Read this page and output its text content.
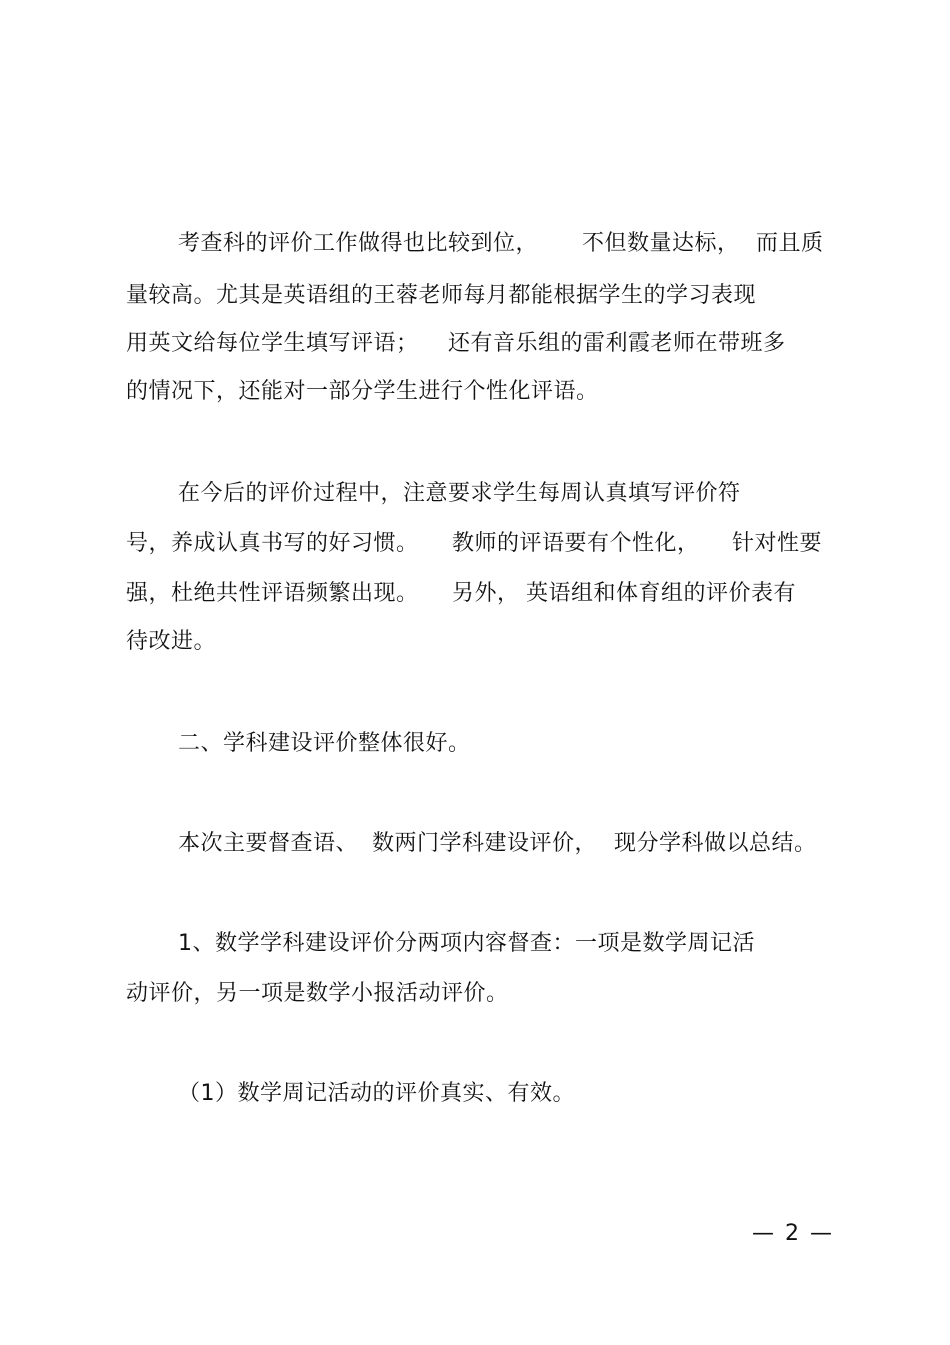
考查科的评价工作做得也比较到位， 不但数量达标， 而且质
量较高。尤其是英语组的王蓉老师每月都能根据学生的学习表现
用英文给每位学生填写评语； 还有音乐组的雷利霞老师在带班多
的情况下，还能对一部分学生进行个性化评语。
在今后的评价过程中，注意要求学生每周认真填写评价符
号，养成认真书写的好习惯。 教师的评语要有个性化， 针对性要
强，杜绝共性评语频繁出现。 另外， 英语组和体育组的评价表有
待改进。
二、学科建设评价整体很好。
本次主要督查语、 数两门学科建设评价， 现分学科做以总结。
1、数学学科建设评价分两项内容督查：一项是数学周记活
动评价，另一项是数学小报活动评价。
（1）数学周记活动的评价真实、有效。
— 2 —
